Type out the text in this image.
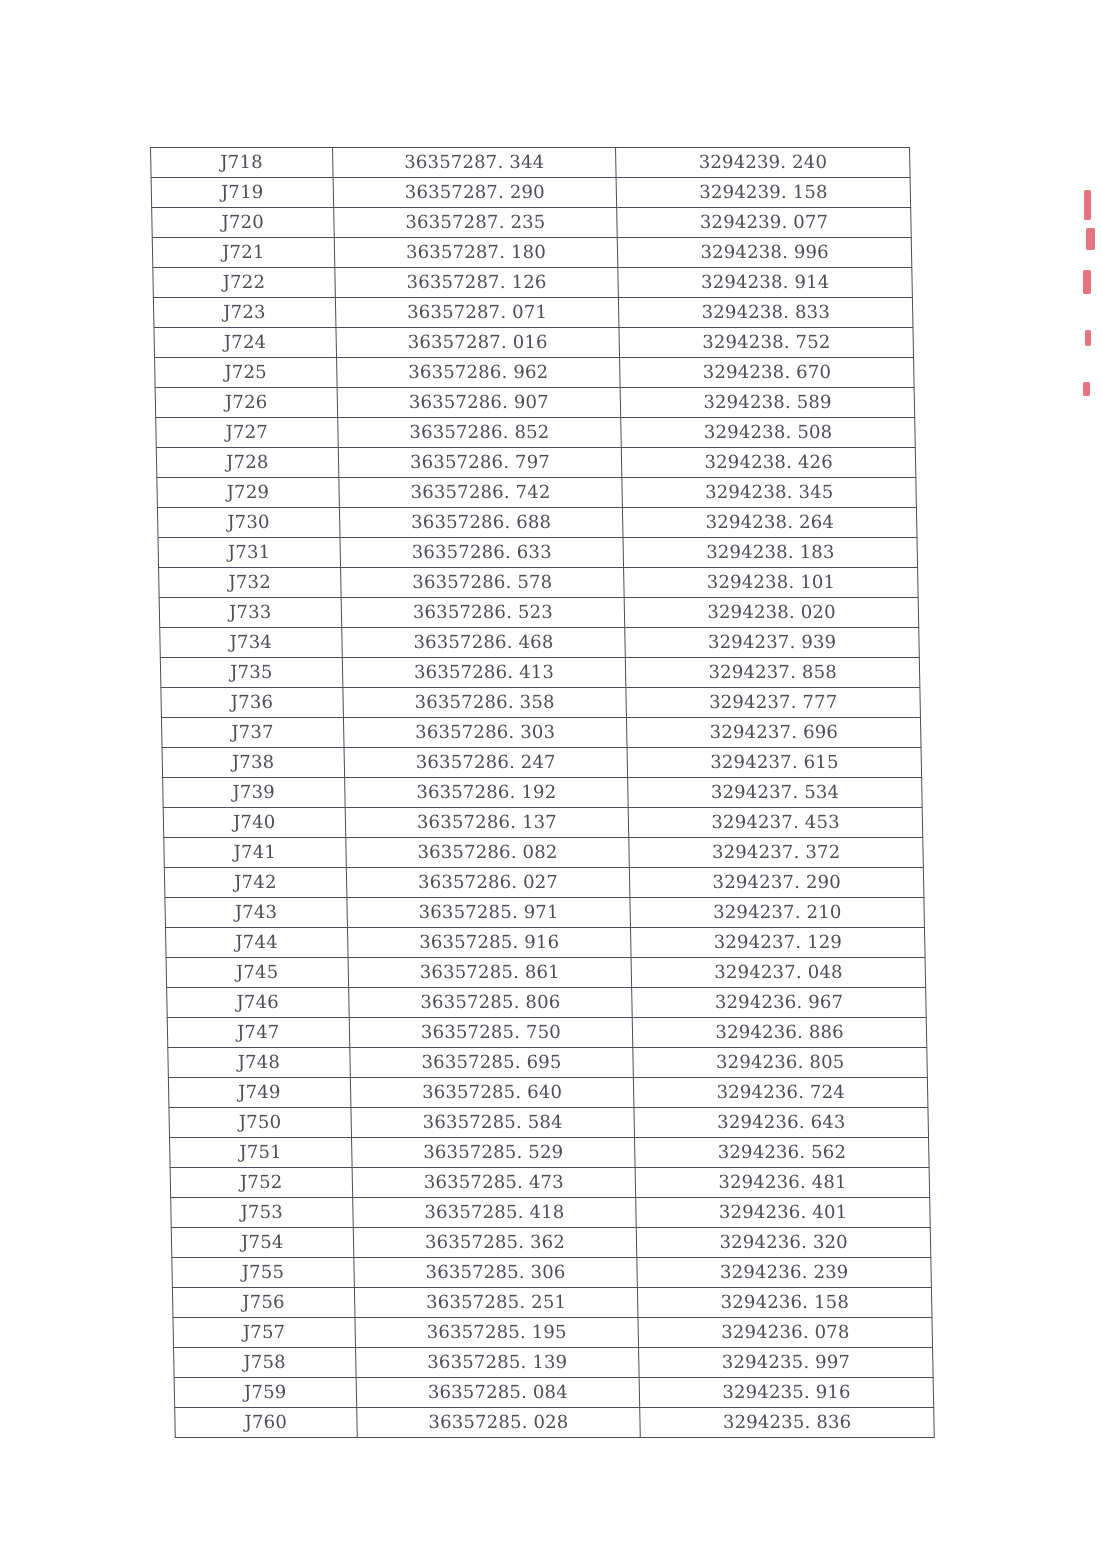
J718	36357287. 344	3294239. 240
J719	36357287. 290	3294239. 158
J720	36357287. 235	3294239. 077
J721	36357287. 180	3294238. 996
J722	36357287. 126	3294238. 914
J723	36357287. 071	3294238. 833
J724	36357287. 016	3294238. 752
J725	36357286. 962	3294238. 670
J726	36357286. 907	3294238. 589
J727	36357286. 852	3294238. 508
J728	36357286. 797	3294238. 426
J729	36357286. 742	3294238. 345
J730	36357286. 688	3294238. 264
J731	36357286. 633	3294238. 183
J732	36357286. 578	3294238. 101
J733	36357286. 523	3294238. 020
J734	36357286. 468	3294237. 939
J735	36357286. 413	3294237. 858
J736	36357286. 358	3294237. 777
J737	36357286. 303	3294237. 696
J738	36357286. 247	3294237. 615
J739	36357286. 192	3294237. 534
J740	36357286. 137	3294237. 453
J741	36357286. 082	3294237. 372
J742	36357286. 027	3294237. 290
J743	36357285. 971	3294237. 210
J744	36357285. 916	3294237. 129
J745	36357285. 861	3294237. 048
J746	36357285. 806	3294236. 967
J747	36357285. 750	3294236. 886
J748	36357285. 695	3294236. 805
J749	36357285. 640	3294236. 724
J750	36357285. 584	3294236. 643
J751	36357285. 529	3294236. 562
J752	36357285. 473	3294236. 481
J753	36357285. 418	3294236. 401
J754	36357285. 362	3294236. 320
J755	36357285. 306	3294236. 239
J756	36357285. 251	3294236. 158
J757	36357285. 195	3294236. 078
J758	36357285. 139	3294235. 997
J759	36357285. 084	3294235. 916
J760	36357285. 028	3294235. 836
